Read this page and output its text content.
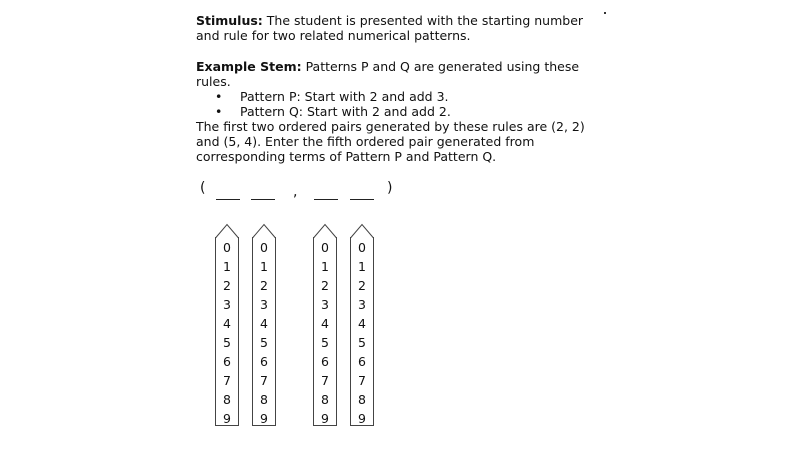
Stimulus: The student is presented with the starting number and rule for two related numerical patterns.

Example Stem: Patterns P and Q are generated using these rules.

• Pattern P: Start with 2 and add 3.
• Pattern Q: Start with 2 and add 2.

The first two ordered pairs generated by these rules are (2, 2) and (5, 4). Enter the fifth ordered pair generated from corresponding terms of Pattern P and Pattern Q.

(	,	)
0
1
2
3
4
5
6
7
8
9
0
1
2
3
4
5
6
7
8
9
0
1
2
3
4
5
6
7
8
9
0
1
2
3
4
5
6
7
8
9
